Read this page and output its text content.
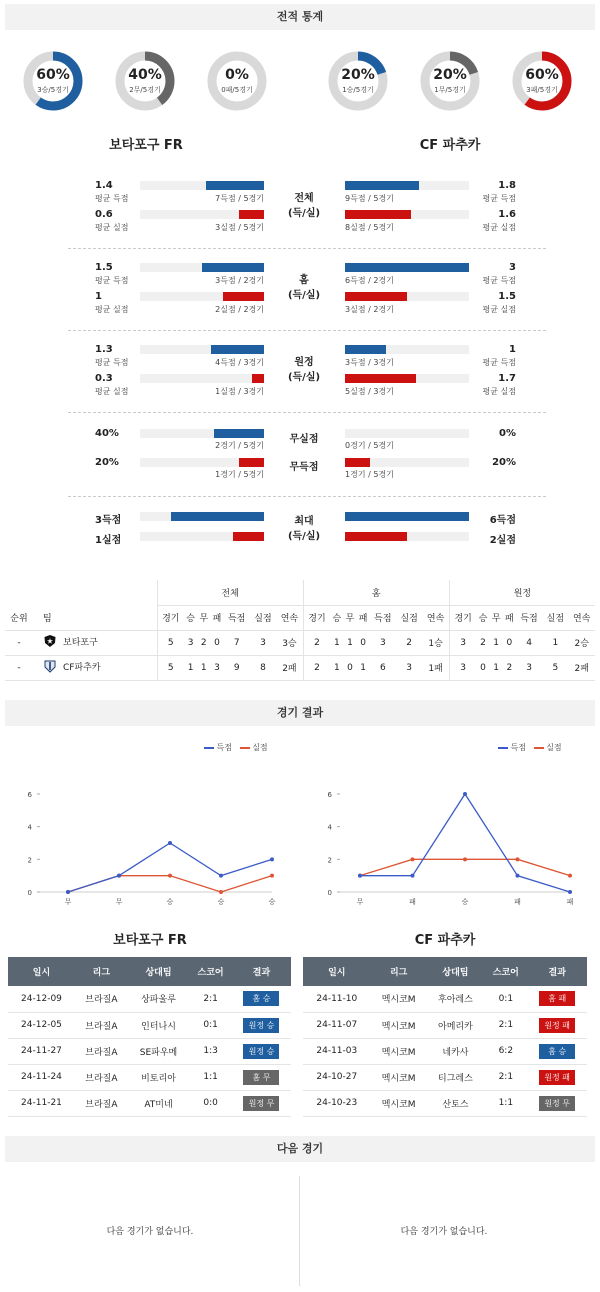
전적 통계
60%
3승/5경기
40%
2무/5경기
0%
0패/5경기
20%
1승/5경기
20%
1무/5경기
60%
3패/5경기
보타포구 FR	CF 파추카
1.4
평균 득점	7득점 / 5경기
0.6
평균 실점	3실점 / 5경기
전체
(득/실)
9득점 / 5경기
1.8
평균 득점
8실점 / 5경기
1.6
평균 실점
1.5
평균 득점	3득점 / 2경기
1
평균 실점	2실점 / 2경기
홈
(득/실)
6득점 / 2경기
3
평균 득점
3실점 / 2경기
1.5
평균 실점
1.3
평균 득점	4득점 / 3경기
0.3
평균 실점	1실점 / 3경기
원정
(득/실)
3득점 / 3경기
1
평균 득점
5실점 / 3경기
1.7
평균 실점
40%
2경기 / 5경기
20%
1경기 / 5경기
무실점
무득점
0경기 / 5경기
0%
1경기 / 5경기
20%
3득점
1실점
최대
(득/실)
6득점
2실점
		전체							홈							원정						
순위	팀	경기	승	무	패	득점	실점	연속	경기	승	무	패	득점	실점	연속	경기	승	무	패	득점	실점	연속
-	보타포구	5	3	2	0	7	3	3승	2	1	1	0	3	2	1승	3	2	1	0	4	1	2승
-	CF파추카	5	1	1	3	9	8	2패	2	1	0	1	6	3	1패	3	0	1	2	3	5	2패
경기 결과
득점	실점	득점	실점
0
2
4
6
무	무	승	승	승
0
2
4
6
무	패	승	패	패
보타포구 FR	CF 파추카
일시	리그	상대팀	스코어	결과
24-12-09	브라질A	상파울루	2:1	홈 승
24-12-05	브라질A	인터나시	0:1	원정 승
24-11-27	브라질A	SE파우메	1:3	원정 승
24-11-24	브라질A	비토리아	1:1	홈 무
24-11-21	브라질A	AT미네	0:0	원정 무
일시	리그	상대팀	스코어	결과
24-11-10	멕시코M	후아레스	0:1	홈 패
24-11-07	멕시코M	아메리카	2:1	원정 패
24-11-03	멕시코M	네카사	6:2	홈 승
24-10-27	멕시코M	티그레스	2:1	원정 패
24-10-23	멕시코M	산토스	1:1	원정 무
다음 경기
다음 경기가 없습니다.	다음 경기가 없습니다.
